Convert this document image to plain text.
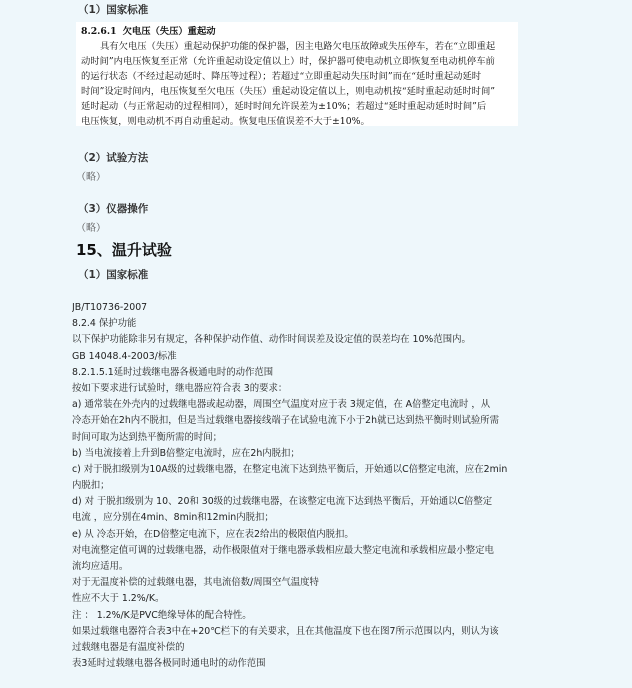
（1）国家标准
8.2.6.1 欠电压（失压）重起动
具有欠电压（失压）重起动保护功能的保护器，因主电路欠电压故障或失压停车，若在“立即重起
动时间”内电压恢复至正常（允许重起动设定值以上）时，保护器可使电动机立即恢复至电动机停车前
的运行状态（不经过起动延时、降压等过程）；若超过“立即重起动失压时间”而在“延时重起动延时
时间”设定时间内，电压恢复至欠电压（失压）重起动设定值以上，则电动机按“延时重起动延时时间”
延时起动（与正常起动的过程相同），延时时间允许误差为±10%；若超过“延时重起动延时时间”后
电压恢复，则电动机不再自动重起动。恢复电压值误差不大于±10%。
（2）试验方法
（略）
（3）仪器操作
（略）
15、温升试验
（1）国家标准
JB/T10736-2007
8.2.4 保护功能
以下保护功能除非另有规定，各种保护动作值、动作时间误差及设定值的误差均在 10%范围内。
GB 14048.4-2003/标准
8.2.1.5.1延时过载继电器各极通电时的动作范围
按如下要求进行试验时，继电器应符合表 3的要求：
a) 通常装在外壳内的过载继电器或起动器，周围空气温度对应于表 3规定值，在 A倍整定电流时 ，从
冷态开始在2h内不脱扣，但是当过载继电器接线端子在试验电流下小于2h就已达到热平衡时则试验所需
时间可取为达到热平衡所需的时间；
b) 当电流接着上升到B倍整定电流时，应在2h内脱扣；
c) 对于脱扣级别为10A级的过载继电器，在整定电流下达到热平衡后，开始通以C倍整定电流，应在2min
内脱扣；
d) 对 于脱扣级别为 10、20和 30级的过载继电器，在该整定电流下达到热平衡后，开始通以C倍整定
电流 ，应分别在4min、8min和12min内脱扣；
e) 从 冷态开始，在D倍整定电流下，应在表2给出的极限值内脱扣。
对电流整定值可调的过载继电器，动作极限值对于继电器承载相应最大整定电流和承载相应最小整定电
流均应适用。
对于无温度补偿的过载继电器，其电流倍数/周围空气温度特
性应不大于 1.2%/K。
注 ： 1.2%/K是PVC绝缘导体的配合特性。
如果过载继电器符合表3中在+20℃栏下的有关要求，且在其他温度下也在图7所示范围以内，则认为该
过载继电器是有温度补偿的
表3延时过载继电器各极同时通电时的动作范围
